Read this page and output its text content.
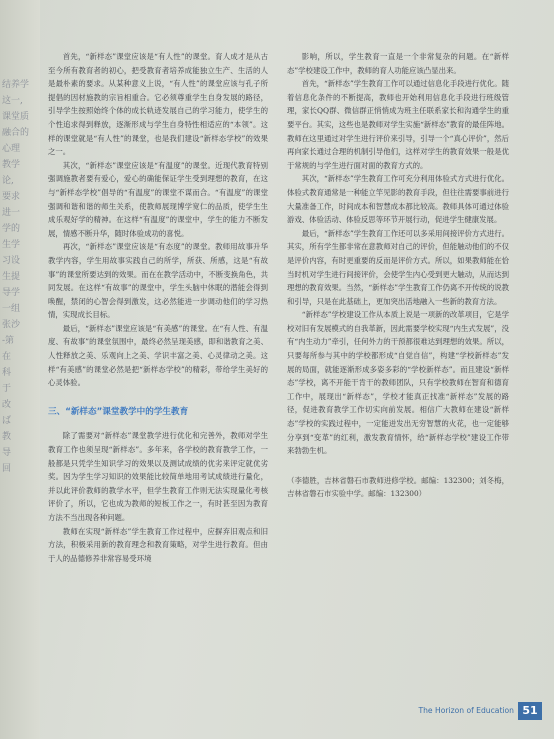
结养学
这一,
课堂质
融合的
心理
教学
论,
要求
进一
学的
生学
习设
生提
导学
一组
张沙
-第
在
科
于
改
ば
教
导
回

首先，“新样态”课堂应该是“有人性”的课堂。育人成才是从古至今所有教育者的初心，把受教育者培养成能独立生产、生活的人是最朴素的要求。从某种意义上说，“有人性”的课堂应该与孔子所提倡的因材施教的宗旨相重合。它必须尊重学生自身发展的路径，引导学生按照始终个体的成长轨迹发展自己的学习能力，使学生的个性追求得到释放，逐渐形成与学生自身特性相适应的“本领”。这样的课堂就是“有人性”的课堂，也是我们建设“新样态学校”的效果之一。

其次，“新样态”课堂应该是“有温度”的课堂。近现代教育特别强调施教者要有爱心，爱心的确能保证学生受到理想的教育，在这与“新样态学校”倡导的“有温度”的课堂不谋而合。“有温度”的课堂强调和谐和谐的师生关系，使教师展现博学宽仁的品质，使学生生成乐观好学的精神。在这样“有温度”的课堂中，学生的能力不断发展，情感不断升华，随时体验成功的喜悦。

再次，“新样态”课堂应该是“有态度”的课堂。教师用故事升华教学内容，学生用故事实践自己的所学，所获、所感，这是“有故事”的课堂所要达到的效果。而在在教学活动中，不断变换角色，共同发展。在这样“有故事”的课堂中，学生头脑中休眠的潜能会得到唤醒，禁闭的心智会得到激发，这必然能进一步调动他们的学习热情，实现成长目标。

最后，“新样态”课堂应该是“有美感”的课堂。在“有人性、有温度、有故事”的课堂氛围中，最终必然呈现美感，即和谐教育之美、人性释放之美、乐观向上之美、学识丰富之美、心灵律动之美。这样“有美感”的课堂必然是把“新样态学校”的精彩，带给学生美好的心灵体验。

三、“新样态”课堂教学中的学生教育

除了需要对“新样态”课堂教学进行优化和完善外，教师对学生教育工作也须呈现“新样态”。多年来，各学校的教育教学工作，一般都是只凭学生知识学习的效果以及测试成绩的优劣来评定就优劣奖。因为学生学习知识的效果能比较简单地用考试成绩进行量化，并以此评价教师的教学水平，但学生教育工作则无法实现量化考核评价了，所以，它也成为教师的短板工作之一，有时甚至因为教育方法不当出现各种问题。

教师在实现“新样态”学生教育工作过程中，应摒弃旧观点和旧方法，积极采用新的教育理念和教育策略，对学生进行教育。但由于人的品德修养非常容易受环境

影响，所以，学生教育一直是一个非常复杂的问题。在“新样态”学校建设工作中，教师的育人功能应该凸显出来。

首先，“新样态”学生教育工作可以通过信息化手段进行优化。随着信息化条件的不断提高，教师也开始利用信息化手段进行班级管理，家长QQ群、微信群正悄悄成为班主任联系家长和沟通学生的重要平台。其实，这些也是教师对学生实施“新样态”教育的最佳阵地。教师在这里通过对学生进行评价来引导，引导一个“真心评价”，然后再向家长通过合理的机制引导他们，这样对学生的教育效果一般是优于常规的与学生进行面对面的教育方式的。

其次，“新样态”学生教育工作可充分利用体验式方式进行优化。体验式教育通常是一种能立竿见影的教育手段，但往往需要事前进行大量准备工作，时间成本和智慧成本都比较高。教师具体可通过体验游戏、体验活动、体验反思等环节开展行动，促进学生健康发展。

最后，“新样态”学生教育工作还可以多采用间接评价方式进行。其实，所有学生都非常在意教师对自己的评价，但能触动他们的不仅是评价内容，有时更重要的反而是评价方式。所以，如果教师能在恰当时机对学生进行间接评价，会使学生内心受到更大触动，从而达到理想的教育效果。当然，“新样态”学生教育工作仍离不开传统的说教和引导，只是在此基础上，更加突出活地融入一些新的教育方法。

“新样态”学校建设工作从本质上说是一项新的改革项目，它是学校对旧有发展模式的自我革新，因此需要学校实现“内生式发展”，没有“内生动力”牵引，任何外力的干预都很难达到理想的效果。所以，只要每所参与其中的学校都形成“自觉自信”，构建“学校新样态”发展的局面，就能逐渐形成多姿多彩的“学校新样态”。而且建设“新样态”学校，离不开能干肯干的教师团队，只有学校教师在智育和德育工作中，展现出“新样态”，学校才能真正找准“新样态”发展的路径，促进教育教学工作切实向前发展。相信广大教师在建设“新样态”学校的实践过程中，一定能迸发出无穷智慧的火花，也一定能够分享到“变革”的红利，激发教育情怀，给“新样态学校”建设工作带来勃勃生机。

（李德胜，吉林省磐石市教师进修学校。邮编：132300；刘冬梅，吉林省磐石市实验中学。邮编：132300）

The Horizon of Education 51
